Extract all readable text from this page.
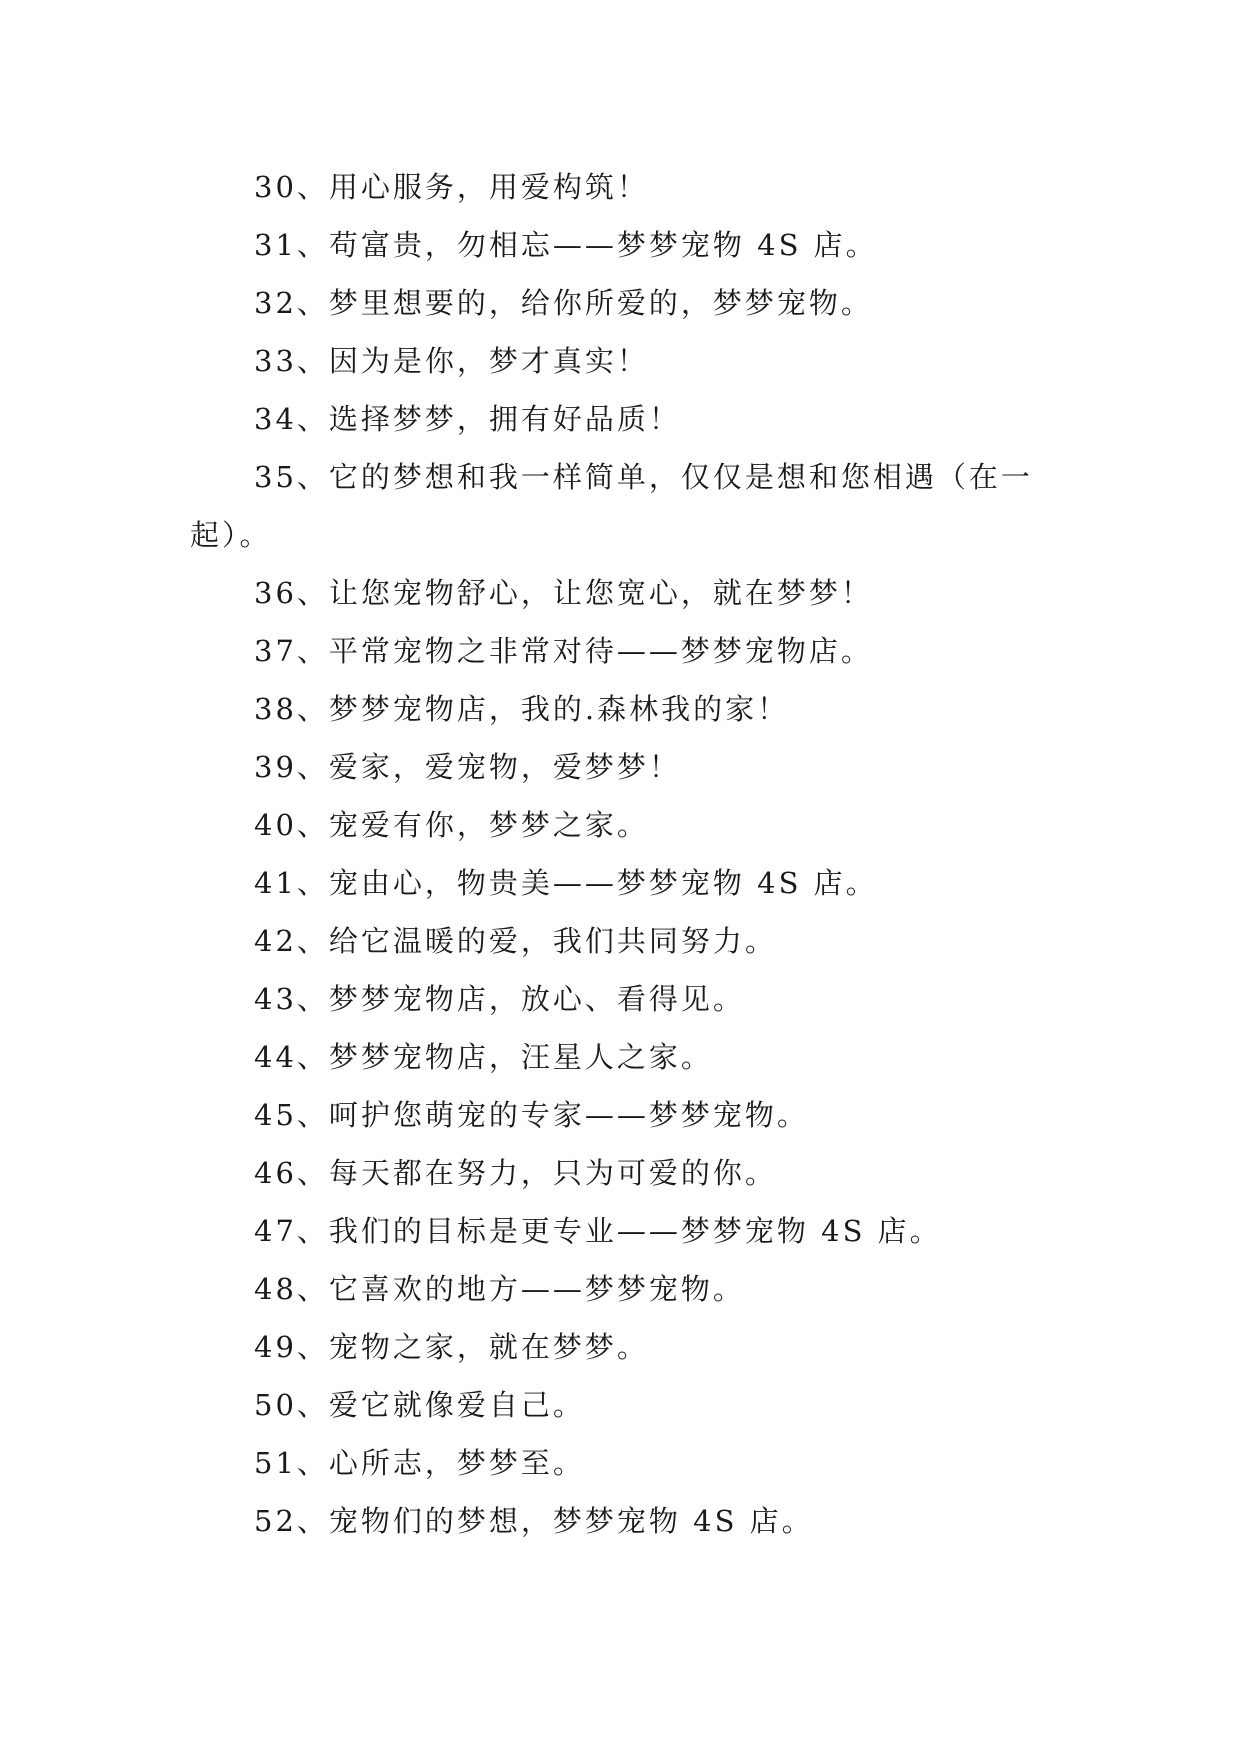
30、用心服务，用爱构筑！
31、苟富贵，勿相忘——梦梦宠物 4S 店。
32、梦里想要的，给你所爱的，梦梦宠物。
33、因为是你，梦才真实！
34、选择梦梦，拥有好品质！
35、它的梦想和我一样简单，仅仅是想和您相遇（在一
起）。
36、让您宠物舒心，让您宽心，就在梦梦！
37、平常宠物之非常对待——梦梦宠物店。
38、梦梦宠物店，我的.森林我的家！
39、爱家，爱宠物，爱梦梦！
40、宠爱有你，梦梦之家。
41、宠由心，物贵美——梦梦宠物 4S 店。
42、给它温暖的爱，我们共同努力。
43、梦梦宠物店，放心、看得见。
44、梦梦宠物店，汪星人之家。
45、呵护您萌宠的专家——梦梦宠物。
46、每天都在努力，只为可爱的你。
47、我们的目标是更专业——梦梦宠物 4S 店。
48、它喜欢的地方——梦梦宠物。
49、宠物之家，就在梦梦。
50、爱它就像爱自己。
51、心所志，梦梦至。
52、宠物们的梦想，梦梦宠物 4S 店。
